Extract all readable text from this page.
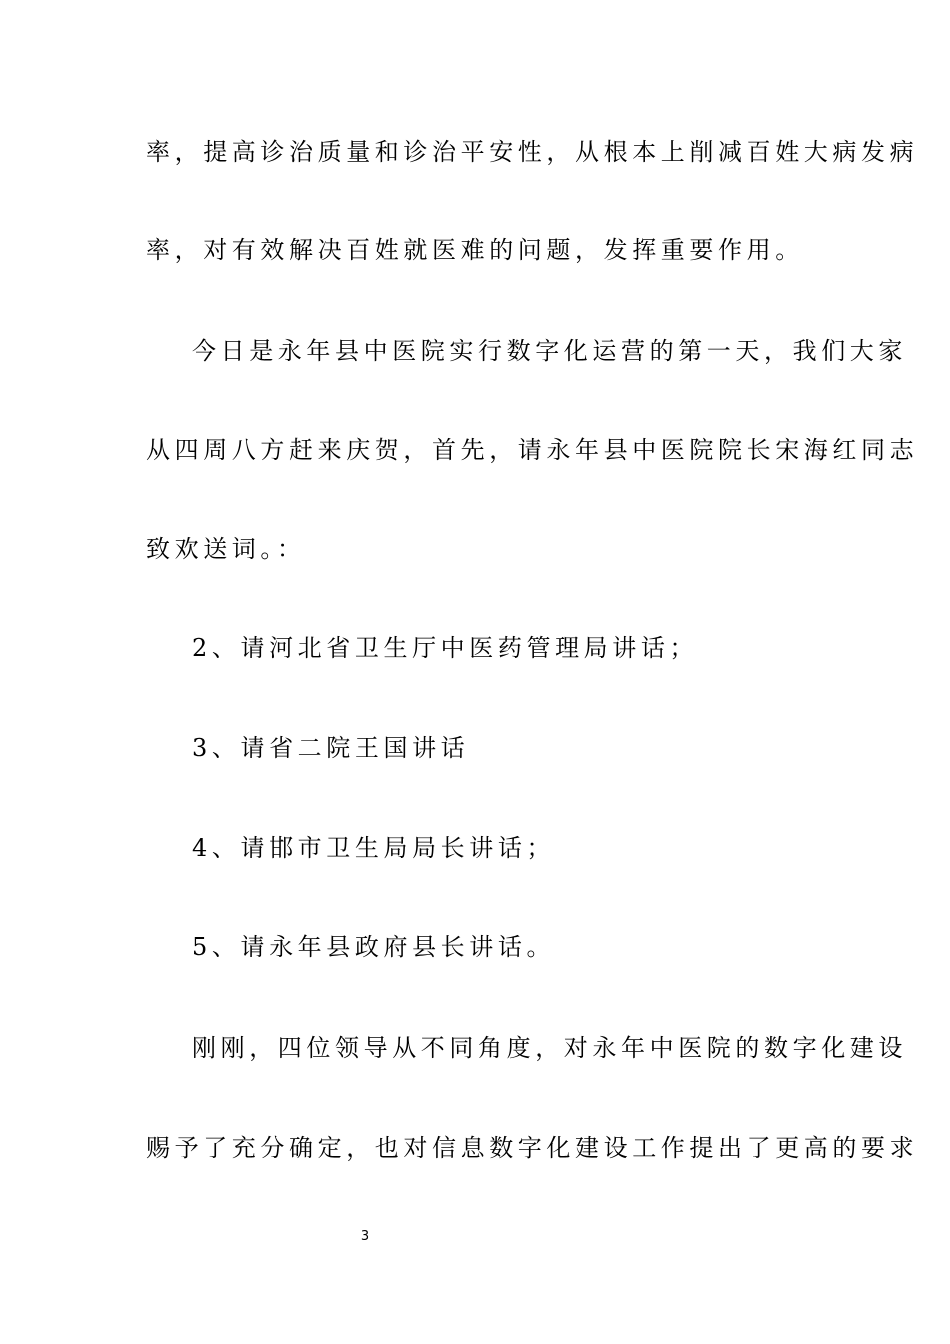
率，提高诊治质量和诊治平安性，从根本上削减百姓大病发病
率，对有效解决百姓就医难的问题，发挥重要作用。
今日是永年县中医院实行数字化运营的第一天，我们大家
从四周八方赶来庆贺，首先，请永年县中医院院长宋海红同志
致欢送词。：
2、请河北省卫生厅中医药管理局讲话；
3、请省二院王国讲话
4、请邯市卫生局局长讲话；
5、请永年县政府县长讲话。
刚刚，四位领导从不同角度，对永年中医院的数字化建设
赐予了充分确定，也对信息数字化建设工作提出了更高的要求
3
